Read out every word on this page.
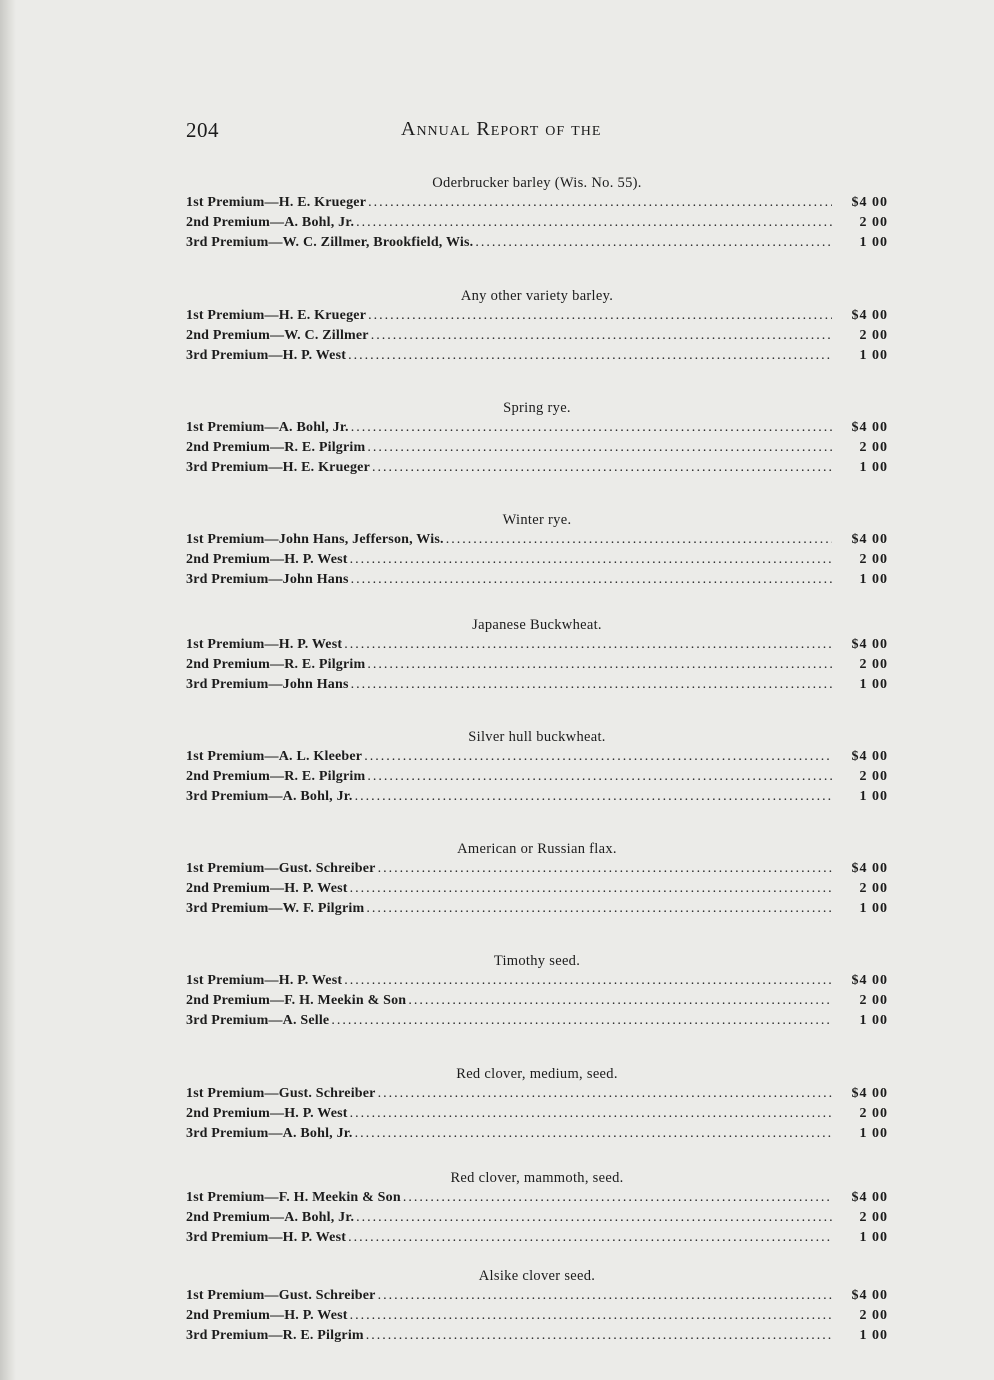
204	Annual Report of the
Oderbrucker barley (Wis. No. 55).
1st Premium — H. E. Krueger .....	$4 00
2nd Premium — A. Bohl, Jr. .....	2 00
3rd Premium — W. C. Zillmer, Brookfield, Wis. .....	1 00
Any other variety barley.
1st Premium — H. E. Krueger .....	$4 00
2nd Premium — W. C. Zillmer .....	2 00
3rd Premium — H. P. West .....	1 00
Spring rye.
1st Premium — A. Bohl, Jr. .....	$4 00
2nd Premium — R. E. Pilgrim .....	2 00
3rd Premium — H. E. Krueger .....	1 00
Winter rye.
1st Premium — John Hans, Jefferson, Wis. .....	$4 00
2nd Premium — H. P. West .....	2 00
3rd Premium — John Hans .....	1 00
Japanese Buckwheat.
1st Premium — H. P. West .....	$4 00
2nd Premium — R. E. Pilgrim .....	2 00
3rd Premium — John Hans .....	1 00
Silver hull buckwheat.
1st Premium — A. L. Kleeber .....	$4 00
2nd Premium — R. E. Pilgrim .....	2 00
3rd Premium — A. Bohl, Jr. .....	1 00
American or Russian flax.
1st Premium — Gust. Schreiber .....	$4 00
2nd Premium — H. P. West .....	2 00
3rd Premium — W. F. Pilgrim .....	1 00
Timothy seed.
1st Premium — H. P. West .....	$4 00
2nd Premium — F. H. Meekin & Son .....	2 00
3rd Premium — A. Selle .....	1 00
Red clover, medium, seed.
1st Premium — Gust. Schreiber .....	$4 00
2nd Premium — H. P. West .....	2 00
3rd Premium — A. Bohl, Jr. .....	1 00
Red clover, mammoth, seed.
1st Premium — F. H. Meekin & Son .....	$4 00
2nd Premium — A. Bohl, Jr. .....	2 00
3rd Premium — H. P. West .....	1 00
Alsike clover seed.
1st Premium — Gust. Schreiber .....	$4 00
2nd Premium — H. P. West .....	2 00
3rd Premium — R. E. Pilgrim .....	1 00
